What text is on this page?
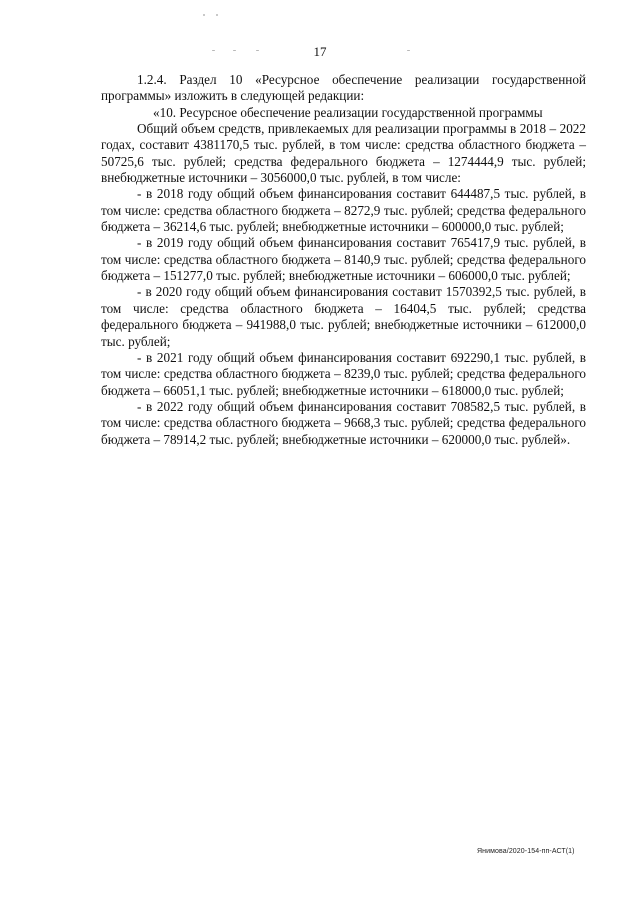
17

1.2.4. Раздел 10 «Ресурсное обеспечение реализации государственной программы» изложить в следующей редакции:

«10. Ресурсное обеспечение реализации государственной программы

Общий объем средств, привлекаемых для реализации программы в 2018 – 2022 годах, составит 4381170,5 тыс. рублей, в том числе: средства областного бюджета – 50725,6 тыс. рублей; средства федерального бюджета – 1274444,9 тыс. рублей; внебюджетные источники – 3056000,0 тыс. рублей, в том числе:

- в 2018 году общий объем финансирования составит 644487,5 тыс. рублей, в том числе: средства областного бюджета – 8272,9 тыс. рублей; средства федерального бюджета – 36214,6 тыс. рублей; внебюджетные источники – 600000,0 тыс. рублей;

- в 2019 году общий объем финансирования составит 765417,9 тыс. рублей, в том числе: средства областного бюджета – 8140,9 тыс. рублей; средства федерального бюджета – 151277,0 тыс. рублей; внебюджетные источники – 606000,0 тыс. рублей;

- в 2020 году общий объем финансирования составит 1570392,5 тыс. рублей, в том числе: средства областного бюджета – 16404,5 тыс. рублей; средства федерального бюджета – 941988,0 тыс. рублей; внебюджетные источники – 612000,0 тыс. рублей;

- в 2021 году общий объем финансирования составит 692290,1 тыс. рублей, в том числе: средства областного бюджета – 8239,0 тыс. рублей; средства федерального бюджета – 66051,1 тыс. рублей; внебюджетные источники – 618000,0 тыс. рублей;

- в 2022 году общий объем финансирования составит 708582,5 тыс. рублей, в том числе: средства областного бюджета – 9668,3 тыс. рублей; средства федерального бюджета – 78914,2 тыс. рублей; внебюджетные источники – 620000,0 тыс. рублей».

Янимова/2020-154-пп-АСТ(1)
